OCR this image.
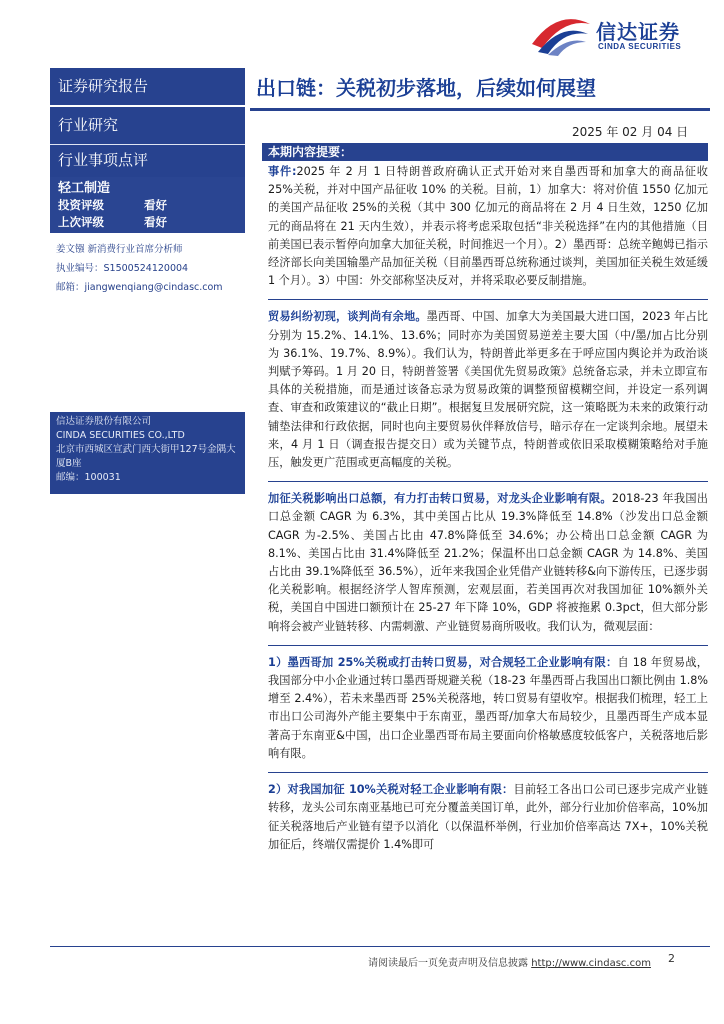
信达证券
CINDA SECURITIES
证券研究报告
行业研究
行业事项点评
轻工制造
投资评级	看好
上次评级	看好
姜文镪 新消费行业首席分析师
执业编号：S1500524120004
邮箱：jiangwenqiang@cindasc.com
信达证券股份有限公司
CINDA SECURITIES CO.,LTD
北京市西城区宣武门西大街甲127号金隅大厦B座
邮编：100031
出口链：关税初步落地，后续如何展望
2025 年 02 月 04 日
本期内容提要：

事件:2025 年 2 月 1 日特朗普政府确认正式开始对来自墨西哥和加拿大的商品征收 25%关税，并对中国产品征收 10% 的关税。目前，1）加拿大：将对价值 1550 亿加元的美国产品征收 25%的关税（其中 300 亿加元的商品将在 2 月 4 日生效，1250 亿加元的商品将在 21 天内生效），并表示将考虑采取包括“非关税选择”在内的其他措施（目前美国已表示暂停向加拿大加征关税，时间推迟一个月）。2）墨西哥：总统辛鲍姆已指示经济部长向美国输墨产品加征关税（目前墨西哥总统称通过谈判，美国加征关税生效延缓 1 个月）。3）中国：外交部称坚决反对，并将采取必要反制措施。

贸易纠纷初现，谈判尚有余地。墨西哥、中国、加拿大为美国最大进口国，2023 年占比分别为 15.2%、14.1%、13.6%；同时亦为美国贸易逆差主要大国（中/墨/加占比分别为 36.1%、19.7%、8.9%）。我们认为，特朗普此举更多在于呼应国内舆论并为政治谈判赋予筹码。1 月 20 日，特朗普签署《美国优先贸易政策》总统备忘录，并未立即宣布具体的关税措施，而是通过该备忘录为贸易政策的调整预留模糊空间，并设定一系列调查、审查和政策建议的“截止日期”。根据复旦发展研究院，这一策略既为未来的政策行动铺垫法律和行政依据，同时也向主要贸易伙伴释放信号，暗示存在一定谈判余地。展望未来，4 月 1 日（调查报告提交日）或为关键节点，特朗普或依旧采取模糊策略给对手施压，触发更广范围或更高幅度的关税。

加征关税影响出口总额，有力打击转口贸易，对龙头企业影响有限。2018-23 年我国出口总金额 CAGR 为 6.3%，其中美国占比从 19.3%降低至 14.8%（沙发出口总金额 CAGR 为-2.5%、美国占比由 47.8%降低至 34.6%；办公椅出口总金额 CAGR 为 8.1%、美国占比由 31.4%降低至 21.2%；保温杯出口总金额 CAGR 为 14.8%、美国占比由 39.1%降低至 36.5%），近年来我国企业凭借产业链转移&向下游传压，已逐步弱化关税影响。根据经济学人智库预测，宏观层面，若美国再次对我国加征 10%额外关税，美国自中国进口额预计在 25-27 年下降 10%，GDP 将被拖累 0.3pct，但大部分影响将会被产业链转移、内需刺激、产业链贸易商所吸收。我们认为，微观层面：

1）墨西哥加 25%关税或打击转口贸易，对合规轻工企业影响有限：自 18 年贸易战，我国部分中小企业通过转口墨西哥规避关税（18-23 年墨西哥占我国出口额比例由 1.8%增至 2.4%），若未来墨西哥 25%关税落地，转口贸易有望收窄。根据我们梳理，轻工上市出口公司海外产能主要集中于东南亚，墨西哥/加拿大布局较少，且墨西哥生产成本显著高于东南亚&中国，出口企业墨西哥布局主要面向价格敏感度较低客户，关税落地后影响有限。

2）对我国加征 10%关税对轻工企业影响有限：目前轻工各出口公司已逐步完成产业链转移，龙头公司东南亚基地已可充分覆盖美国订单，此外，部分行业加价倍率高，10%加征关税落地后产业链有望予以消化（以保温杯举例，行业加价倍率高达 7X+，10%关税加征后，终端仅需提价 1.4%即可

请阅读最后一页免责声明及信息披露 http://www.cindasc.com 2
